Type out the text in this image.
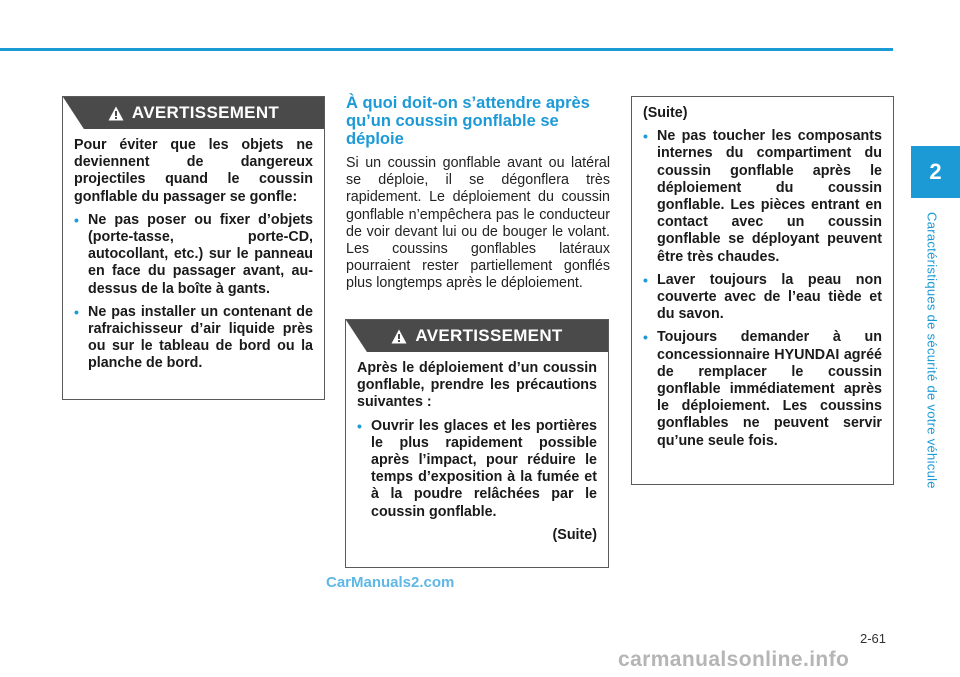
2
Caractéristiques de sécurité de votre véhicule
AVERTISSEMENT

Pour éviter que les objets ne deviennent de dangereux projectiles quand le coussin gonflable du passager se gonfle:

• Ne pas poser ou fixer d’objets (porte-tasse, porte-CD, autocollant, etc.) sur le panneau en face du passager avant, au-dessus de la boîte à gants.
• Ne pas installer un contenant de rafraichisseur d’air liquide près ou sur le tableau de bord ou la planche de bord.
À quoi doit-on s’attendre après qu’un coussin gonflable se déploie
Si un coussin gonflable avant ou latéral se déploie, il se dégonflera très rapidement. Le déploiement du coussin gonflable n’empêchera pas le conducteur de voir devant lui ou de bouger le volant. Les coussins gonflables latéraux pourraient rester partiellement gonflés plus longtemps après le déploiement.
AVERTISSEMENT

Après le déploiement d’un coussin gonflable, prendre les précautions suivantes :

• Ouvrir les glaces et les portières le plus rapidement possible après l’impact, pour réduire le temps d’exposition à la fumée et à la poudre relâchées par le coussin gonflable.
(Suite)

(Suite)

• Ne pas toucher les composants internes du compartiment du coussin gonflable après le déploiement du coussin gonflable. Les pièces entrant en contact avec un coussin gonflable se déployant peuvent être très chaudes.
• Laver toujours la peau non couverte avec de l’eau tiède et du savon.
• Toujours demander à un concessionnaire HYUNDAI agréé de remplacer le coussin gonflable immédiatement après le déploiement. Les coussins gonflables ne peuvent servir qu’une seule fois.
CarManuals2.com
2-61
carmanualsonline.info
